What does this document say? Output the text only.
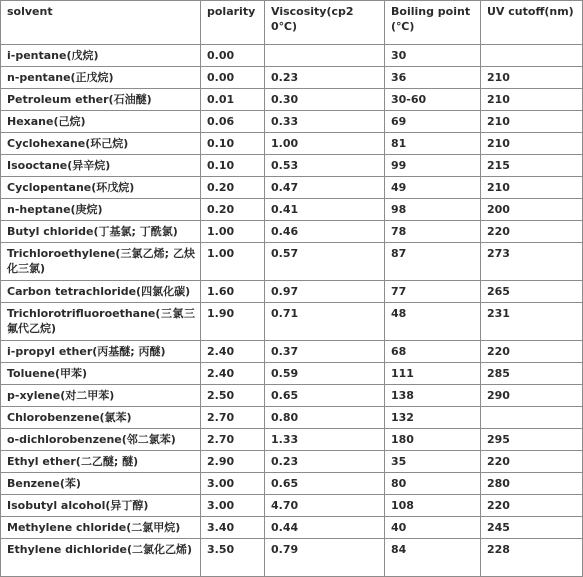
solvent	polarity	Viscosity(cp20℃)	Boiling point(℃)	UV cutoff(nm)
i-pentane(戊烷)	0.00		30	
n-pentane(正戊烷)	0.00	0.23	36	210
Petroleum ether(石油醚)	0.01	0.30	30-60	210
Hexane(己烷)	0.06	0.33	69	210
Cyclohexane(环己烷)	0.10	1.00	81	210
Isooctane(异辛烷)	0.10	0.53	99	215
Cyclopentane(环戊烷)	0.20	0.47	49	210
n-heptane(庚烷)	0.20	0.41	98	200
Butyl chloride(丁基氯; 丁酰氯)	1.00	0.46	78	220
Trichloroethylene(三氯乙烯; 乙炔化三氯)	1.00	0.57	87	273
Carbon tetrachloride(四氯化碳)	1.60	0.97	77	265
Trichlorotrifluoroethane(三氯三氟代乙烷)	1.90	0.71	48	231
i-propyl ether(丙基醚; 丙醚)	2.40	0.37	68	220
Toluene(甲苯)	2.40	0.59	111	285
p-xylene(对二甲苯)	2.50	0.65	138	290
Chlorobenzene(氯苯)	2.70	0.80	132	
o-dichlorobenzene(邻二氯苯)	2.70	1.33	180	295
Ethyl ether(二乙醚; 醚)	2.90	0.23	35	220
Benzene(苯)	3.00	0.65	80	280
Isobutyl alcohol(异丁醇)	3.00	4.70	108	220
Methylene chloride(二氯甲烷)	3.40	0.44	40	245
Ethylene dichloride(二氯化乙烯)	3.50	0.79	84	228
